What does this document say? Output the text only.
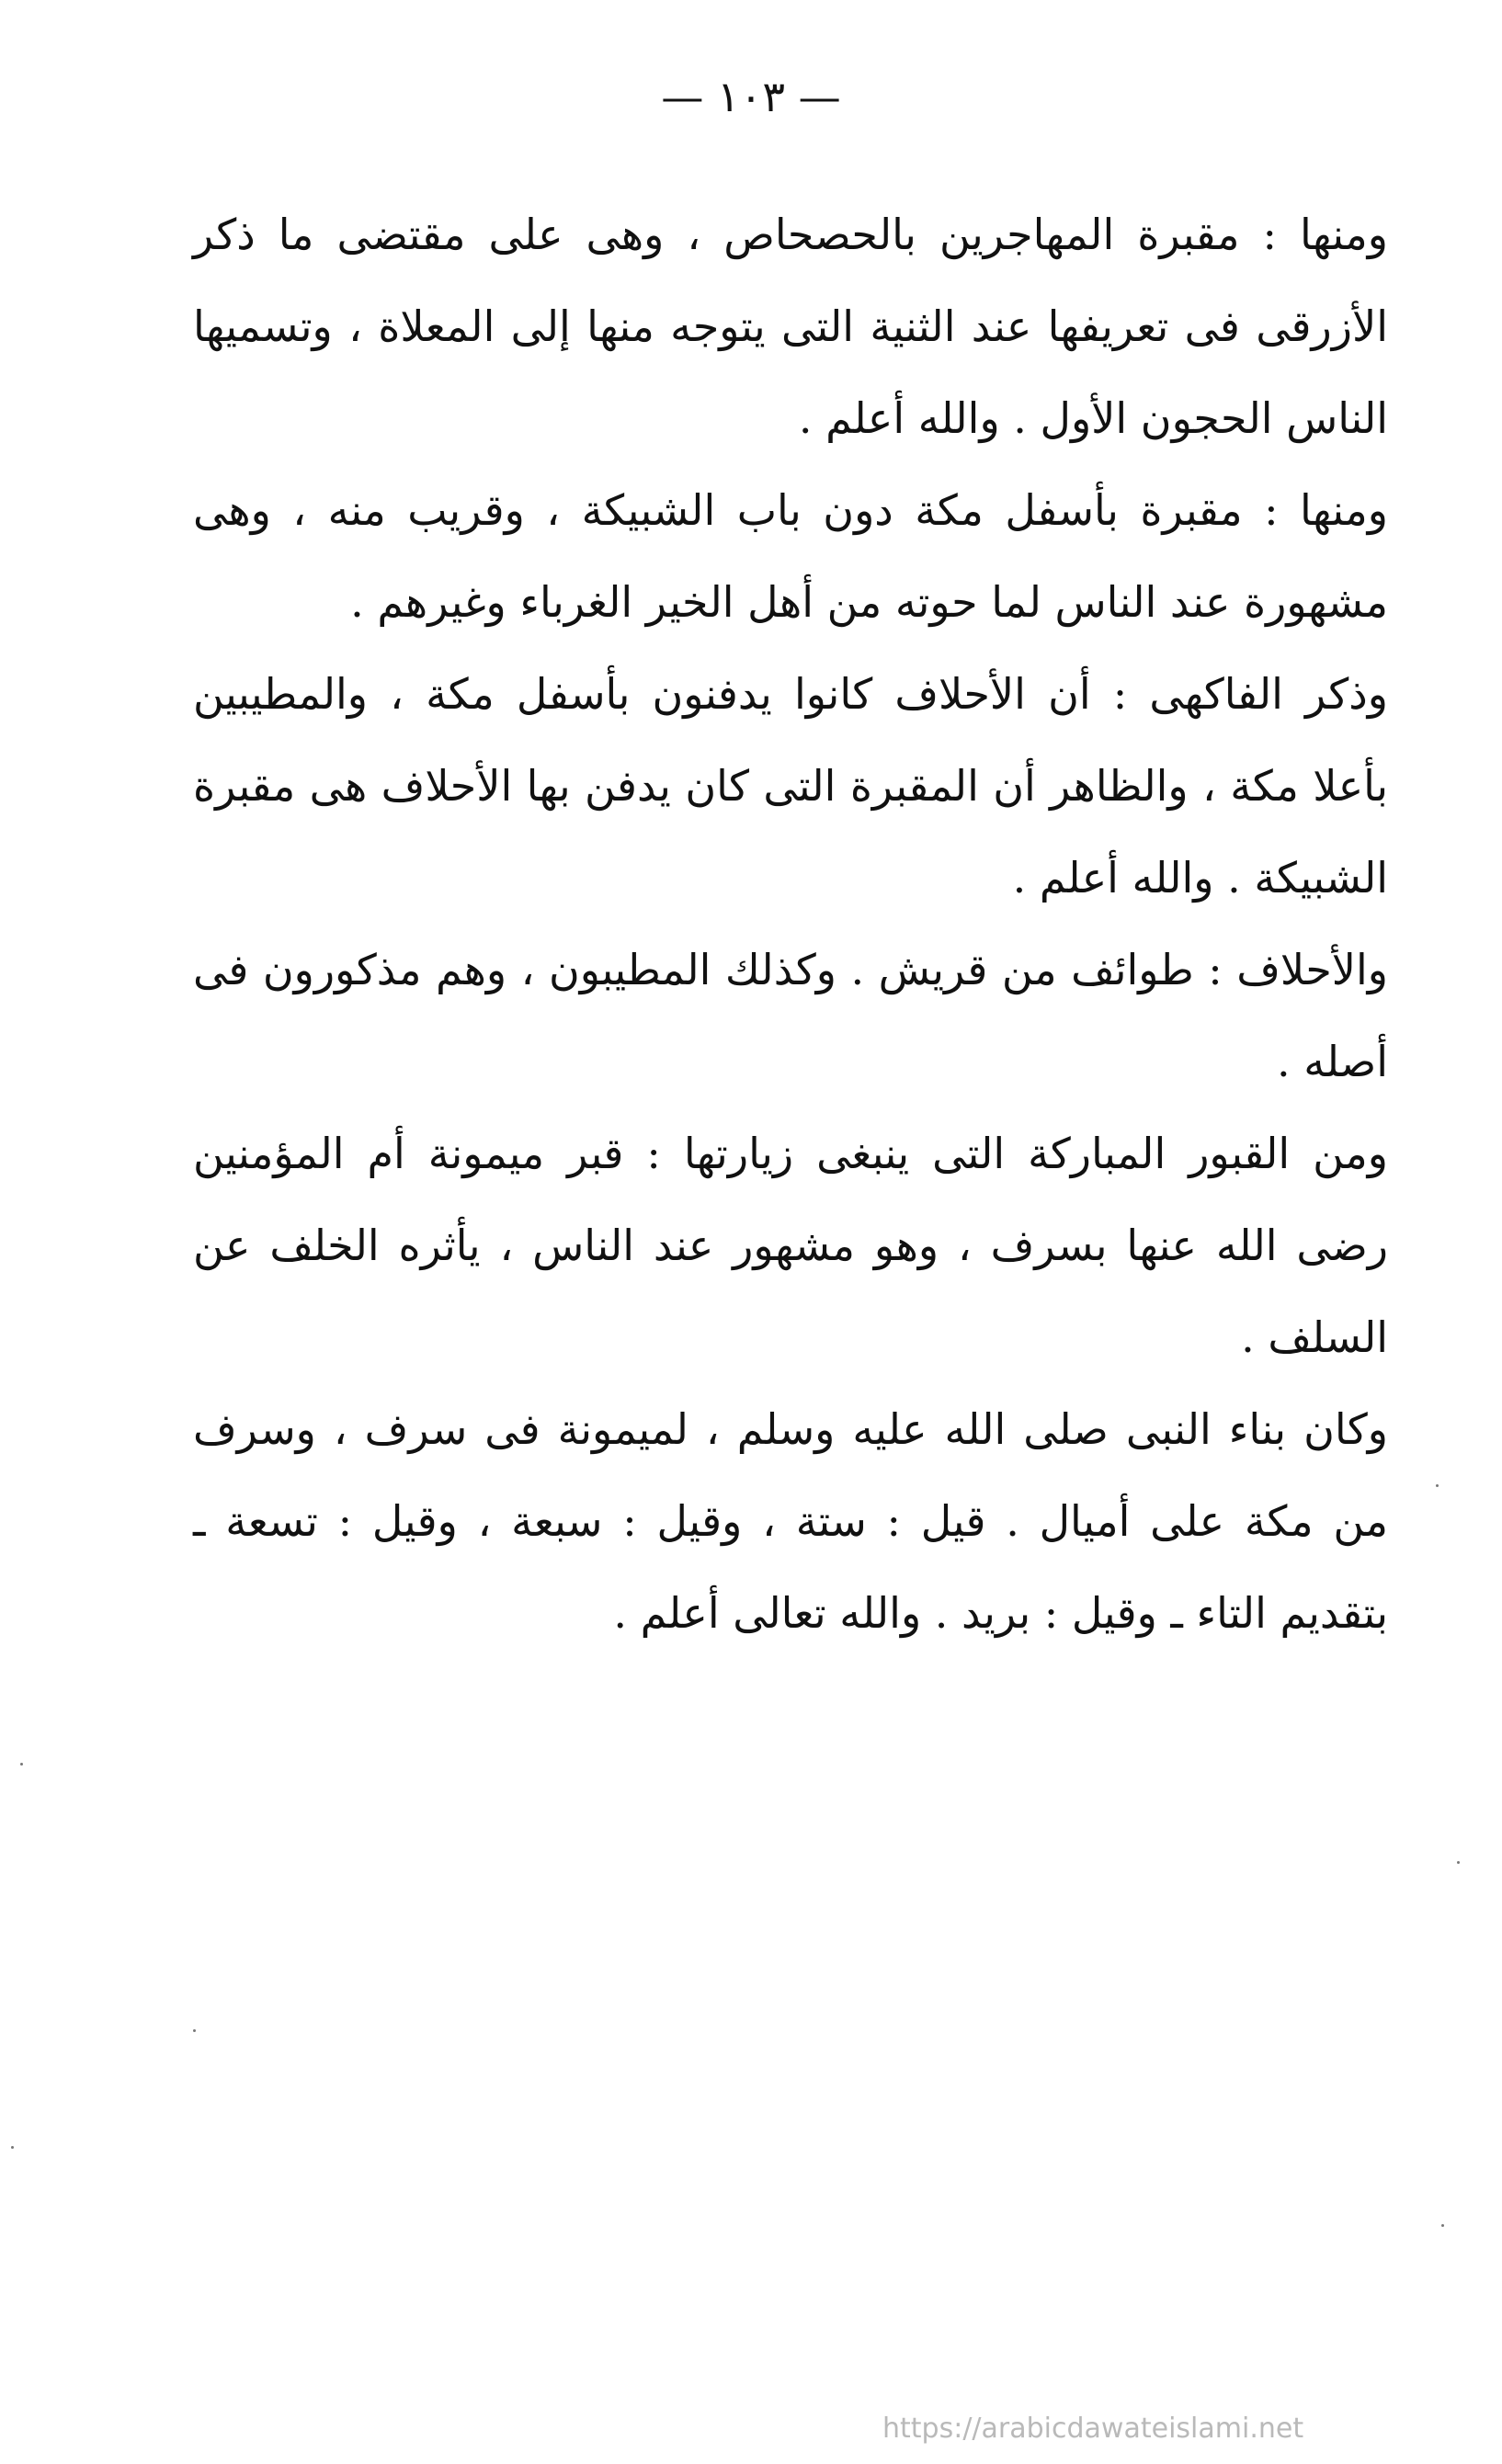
— ١٠٣ —

ومنها : مقبرة المهاجرين بالحصحاص ، وهى على مقتضى ما ذكر الأزرقى فى تعريفها عند الثنية التى يتوجه منها إلى المعلاة ، وتسميها الناس الحجون الأول . والله أعلم .

ومنها : مقبرة بأسفل مكة دون باب الشبيكة ، وقريب منه ، وهى مشهورة عند الناس لما حوته من أهل الخير الغرباء وغيرهم .

وذكر الفاكهى : أن الأحلاف كانوا يدفنون بأسفل مكة ، والمطيبين بأعلا مكة ، والظاهر أن المقبرة التى كان يدفن بها الأحلاف هى مقبرة الشبيكة . والله أعلم .

والأحلاف : طوائف من قريش . وكذلك المطيبون ، وهم مذكورون فى أصله .

ومن القبور المباركة التى ينبغى زيارتها : قبر ميمونة أم المؤمنين رضى الله عنها بسرف ، وهو مشهور عند الناس ، يأثره الخلف عن السلف .

وكان بناء النبى صلى الله عليه وسلم ، لميمونة فى سرف ، وسرف من مكة على أميال . قيل : ستة ، وقيل : سبعة ، وقيل : تسعة ـ بتقديم التاء ـ وقيل : بريد . والله تعالى أعلم .

https://arabicdawateislami.net
